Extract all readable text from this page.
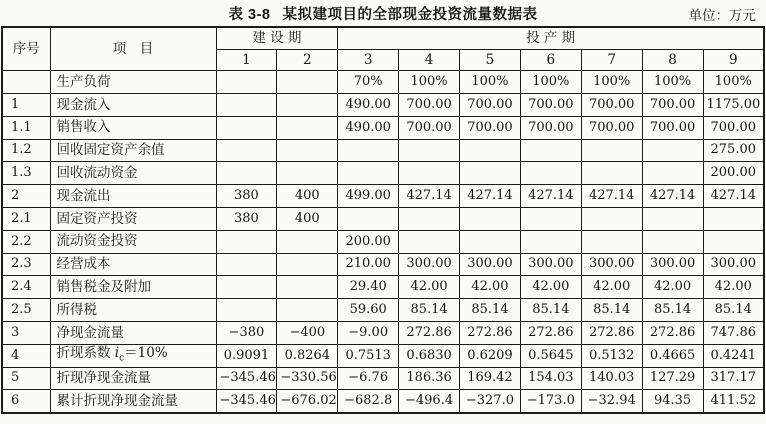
表 3-8 某拟建项目的全部现金投资流量数据表	单位：万元
序号	项　目	建 设 期		投 产 期						
		1	2	3	4	5	6	7	8	9
	生产负荷			70%	100%	100%	100%	100%	100%	100%
1	现金流入			490.00	700.00	700.00	700.00	700.00	700.00	1175.00
1.1	销售收入			490.00	700.00	700.00	700.00	700.00	700.00	700.00
1.2	回收固定资产余值									275.00
1.3	回收流动资金									200.00
2	现金流出	380	400	499.00	427.14	427.14	427.14	427.14	427.14	427.14
2.1	固定资产投资	380	400							
2.2	流动资金投资			200.00						
2.3	经营成本			210.00	300.00	300.00	300.00	300.00	300.00	300.00
2.4	销售税金及附加			29.40	42.00	42.00	42.00	42.00	42.00	42.00
2.5	所得税			59.60	85.14	85.14	85.14	85.14	85.14	85.14
3	净现金流量	−380	−400	−9.00	272.86	272.86	272.86	272.86	272.86	747.86
4	折现系数 $i_c=10\%$	0.9091	0.8264	0.7513	0.6830	0.6209	0.5645	0.5132	0.4665	0.4241
5	折现净现金流量	−345.46	−330.56	−6.76	186.36	169.42	154.03	140.03	127.29	317.17
6	累计折现净现金流量	−345.46	−676.02	−682.8	−496.4	−327.0	−173.0	−32.94	94.35	411.52
